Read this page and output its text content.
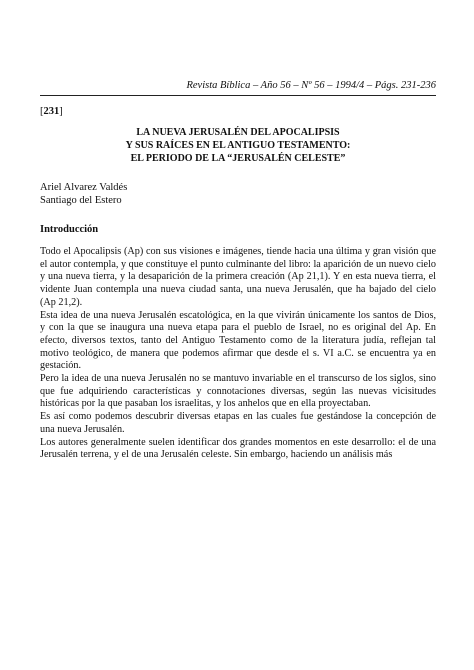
Revista Bíblica – Año 56 – Nº 56 – 1994/4 – Págs. 231-236
[231]
LA NUEVA JERUSALÉN DEL APOCALIPSIS
Y SUS RAÍCES EN EL ANTIGUO TESTAMENTO:
EL PERIODO DE LA “JERUSALÉN CELESTE”
Ariel Alvarez Valdés
Santiago del Estero
Introducción

Todo el Apocalipsis (Ap) con sus visiones e imágenes, tiende hacia una última y gran visión que el autor contempla, y que constituye el punto culminante del libro: la aparición de un nuevo cielo y una nueva tierra, y la desaparición de la primera creación (Ap 21,1). Y en esta nueva tierra, el vidente Juan contempla una nueva ciudad santa, una nueva Jerusalén, que ha bajado del cielo (Ap 21,2).

Esta idea de una nueva Jerusalén escatológica, en la que vivirán únicamente los santos de Dios, y con la que se inaugura una nueva etapa para el pueblo de Israel, no es original del Ap. En efecto, diversos textos, tanto del Antiguo Testamento como de la literatura judía, reflejan tal motivo teológico, de manera que podemos afirmar que desde el s. VI a.C. se encuentra ya en gestación.

Pero la idea de una nueva Jerusalén no se mantuvo invariable en el transcurso de los siglos, sino que fue adquiriendo características y connotaciones diversas, según las nuevas vicisitudes históricas por la que pasaban los israelitas, y los anhelos que en ella proyectaban.

Es así como podemos descubrir diversas etapas en las cuales fue gestándose la concepción de una nueva Jerusalén.

Los autores generalmente suelen identificar dos grandes momentos en este desarrollo: el de una Jerusalén terrena, y el de una Jerusalén celeste. Sin embargo, haciendo un análisis más
